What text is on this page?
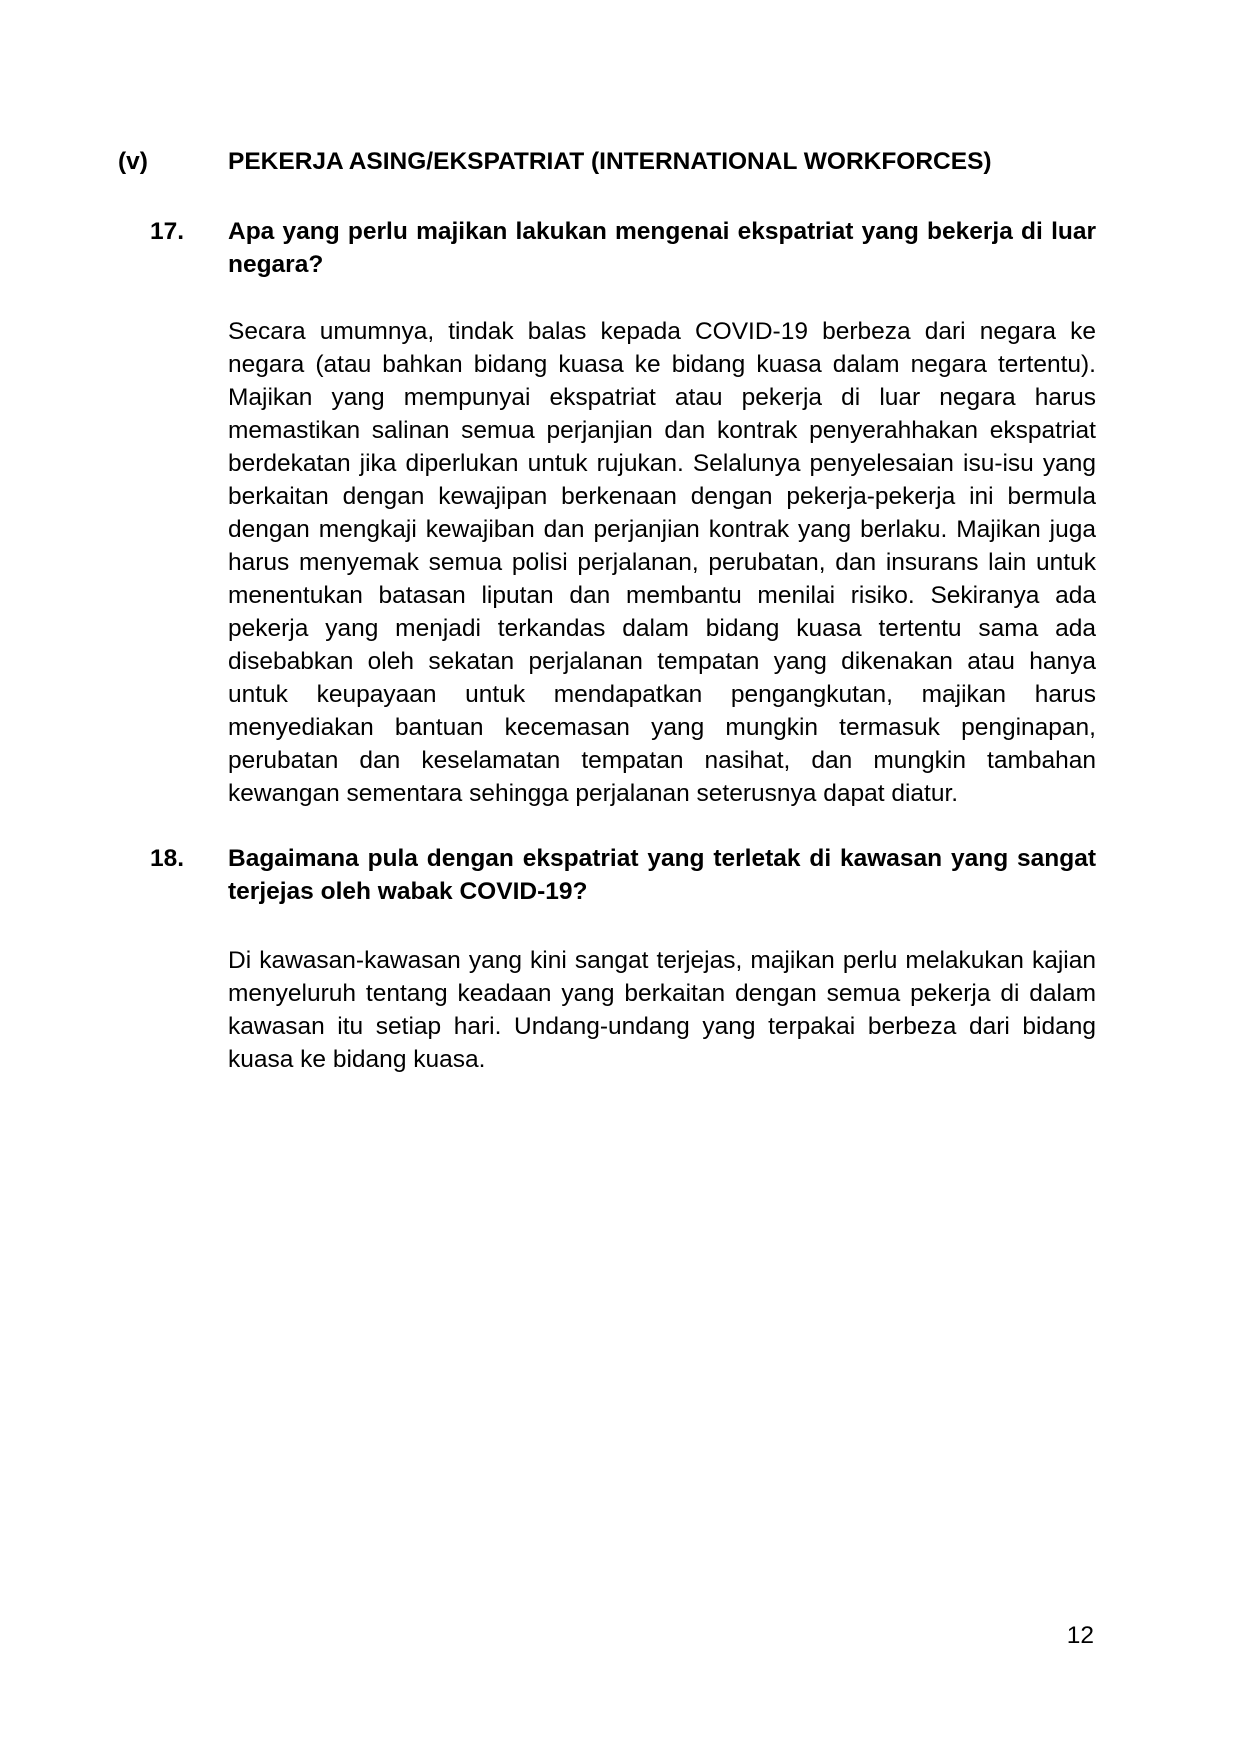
(v)	PEKERJA ASING/EKSPATRIAT (INTERNATIONAL WORKFORCES)
17.	Apa yang perlu majikan lakukan mengenai ekspatriat yang bekerja di luar negara?

Secara umumnya, tindak balas kepada COVID-19 berbeza dari negara ke negara (atau bahkan bidang kuasa ke bidang kuasa dalam negara tertentu). Majikan yang mempunyai ekspatriat atau pekerja di luar negara harus memastikan salinan semua perjanjian dan kontrak penyerahhakan ekspatriat berdekatan jika diperlukan untuk rujukan. Selalunya penyelesaian isu-isu yang berkaitan dengan kewajipan berkenaan dengan pekerja-pekerja ini bermula dengan mengkaji kewajiban dan perjanjian kontrak yang berlaku. Majikan juga harus menyemak semua polisi perjalanan, perubatan, dan insurans lain untuk menentukan batasan liputan dan membantu menilai risiko. Sekiranya ada pekerja yang menjadi terkandas dalam bidang kuasa tertentu sama ada disebabkan oleh sekatan perjalanan tempatan yang dikenakan atau hanya untuk keupayaan untuk mendapatkan pengangkutan, majikan harus menyediakan bantuan kecemasan yang mungkin termasuk penginapan, perubatan dan keselamatan tempatan nasihat, dan mungkin tambahan kewangan sementara sehingga perjalanan seterusnya dapat diatur.

18.	Bagaimana pula dengan ekspatriat yang terletak di kawasan yang sangat terjejas oleh wabak COVID-19?

Di kawasan-kawasan yang kini sangat terjejas, majikan perlu melakukan kajian menyeluruh tentang keadaan yang berkaitan dengan semua pekerja di dalam kawasan itu setiap hari. Undang-undang yang terpakai berbeza dari bidang kuasa ke bidang kuasa.

12
